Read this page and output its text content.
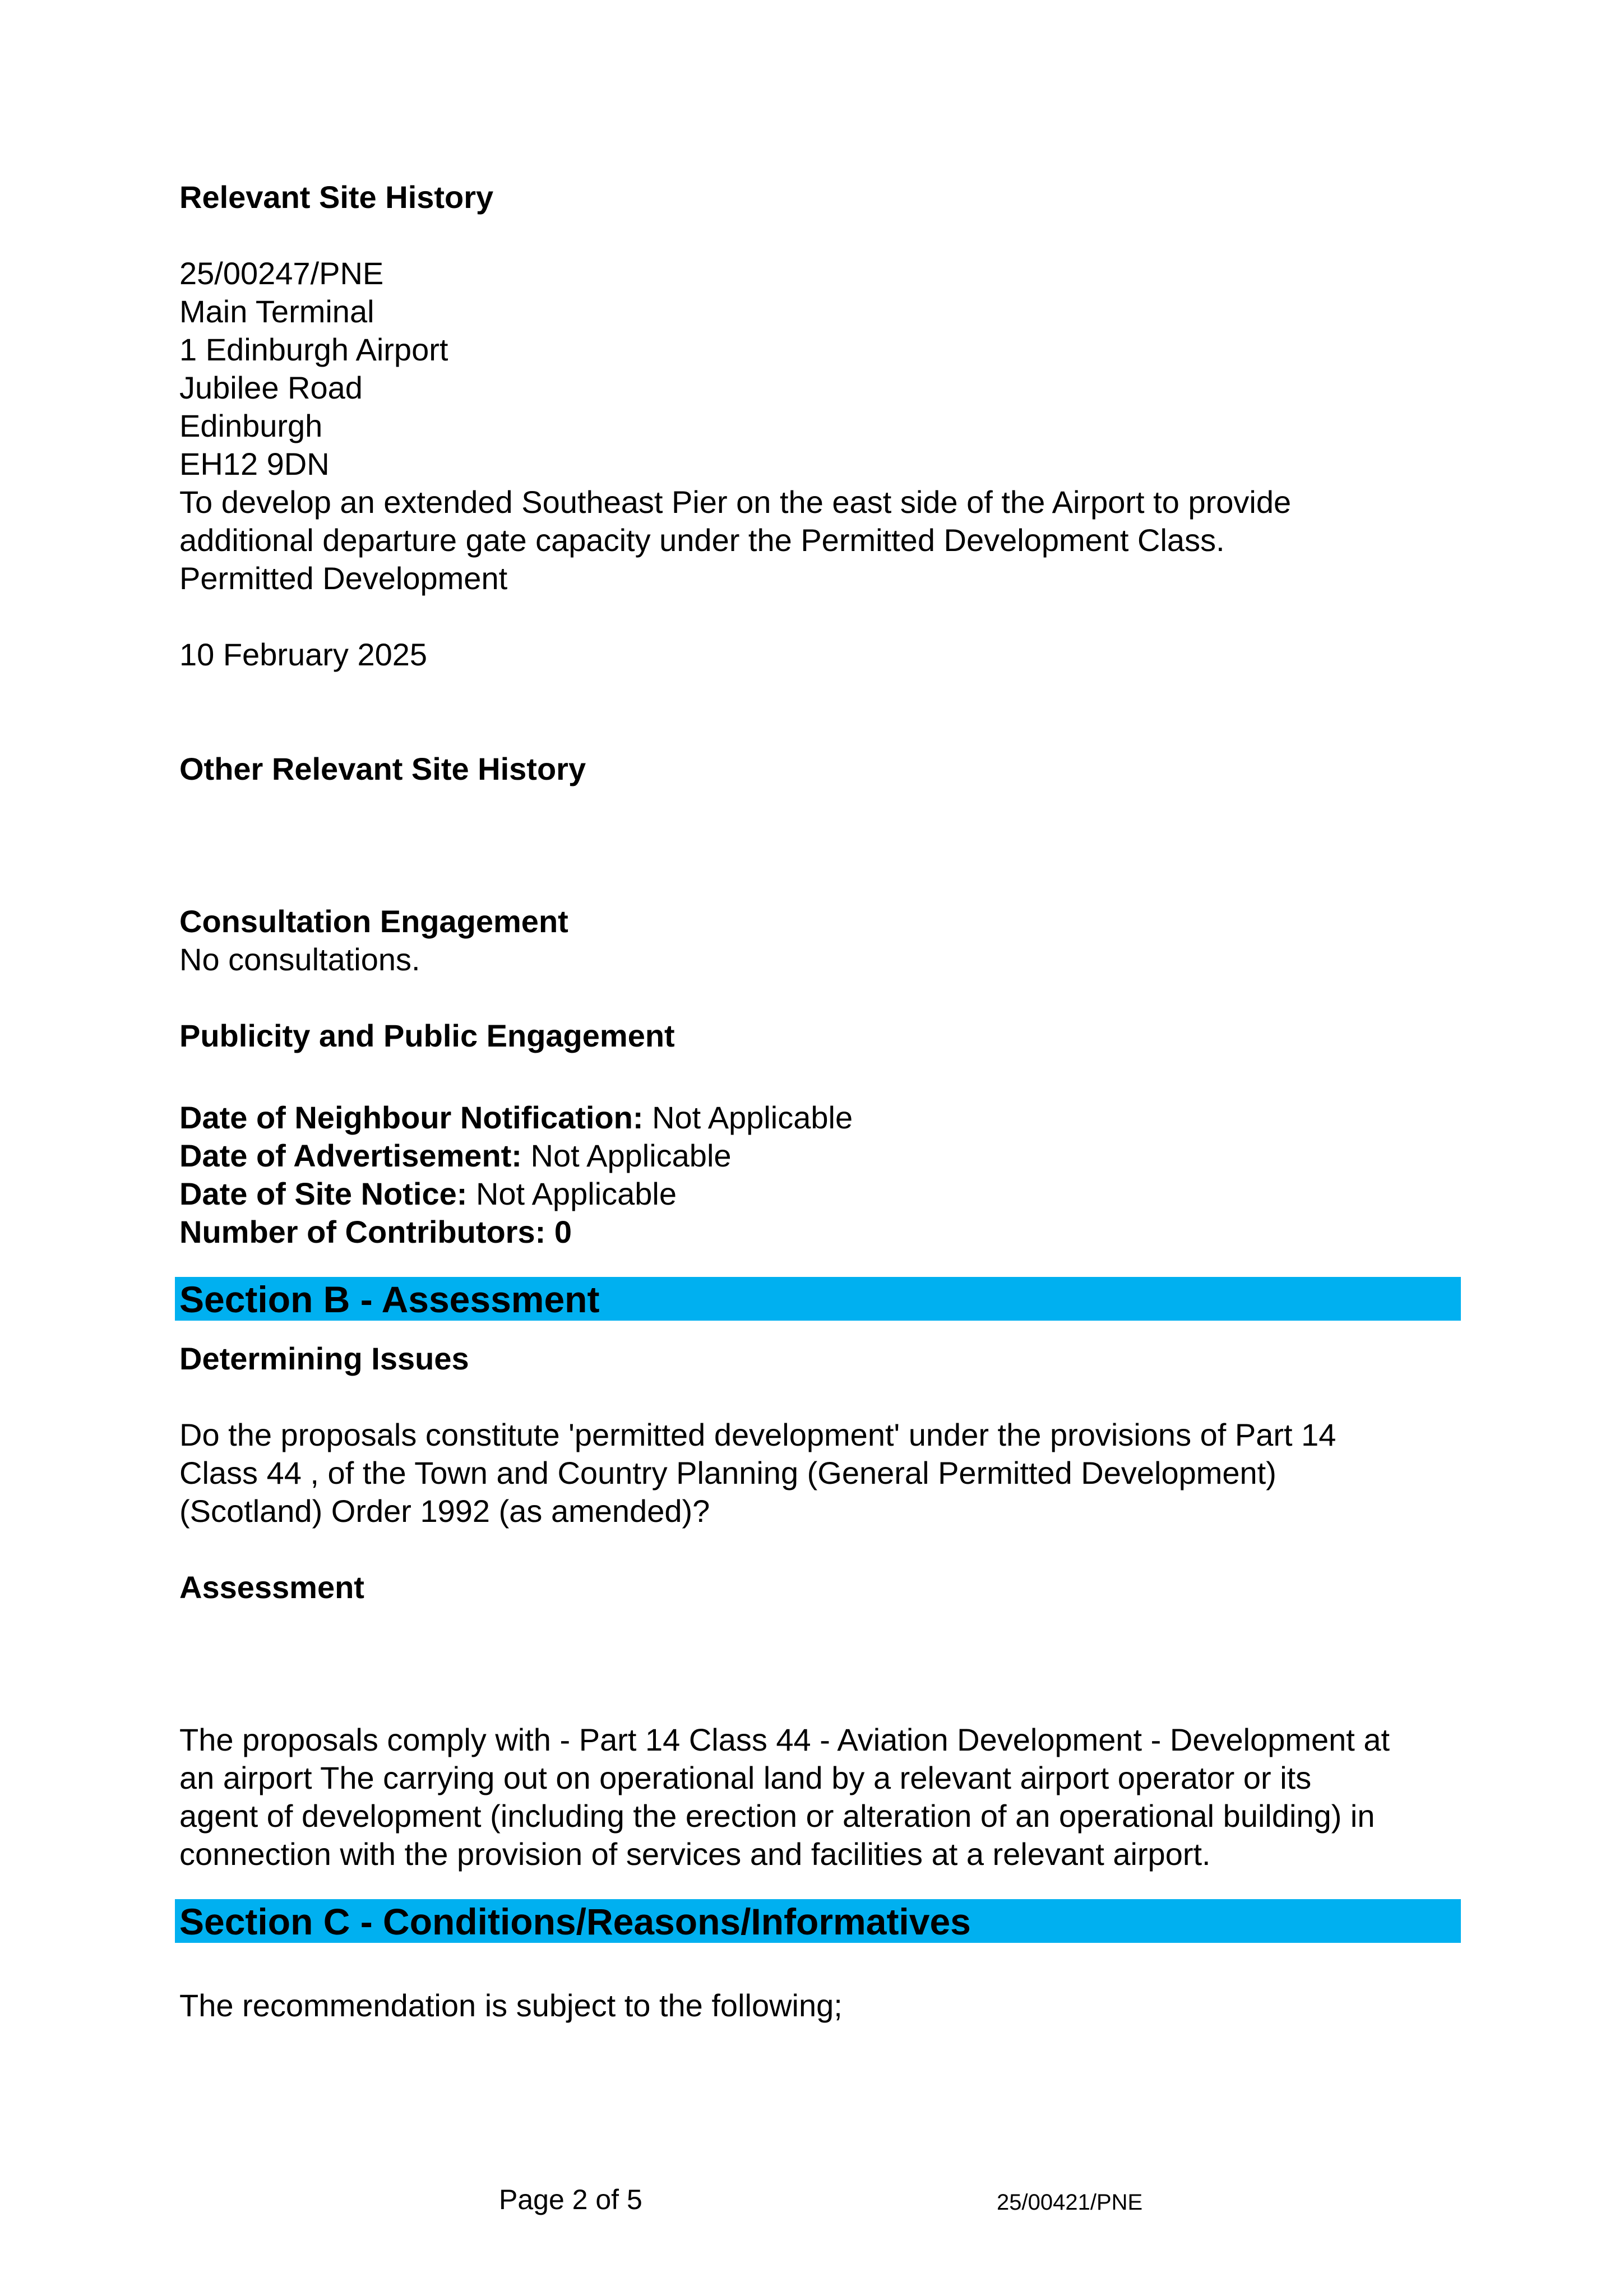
Relevant Site History

25/00247/PNE

Main Terminal

1 Edinburgh Airport

Jubilee Road

Edinburgh

EH12 9DN

To develop an extended Southeast Pier on the east side of the Airport to provide

additional departure gate capacity under the Permitted Development Class.

Permitted Development

10 February 2025

Other Relevant Site History

Consultation Engagement

No consultations.

Publicity and Public Engagement

Date of Neighbour Notification: Not Applicable

Date of Advertisement: Not Applicable

Date of Site Notice: Not Applicable

Number of Contributors: 0

Section B - Assessment

Determining Issues

Do the proposals constitute 'permitted development' under the provisions of Part 14

Class 44 , of the Town and Country Planning (General Permitted Development)

(Scotland) Order 1992 (as amended)?

Assessment

The proposals comply with - Part 14 Class 44 - Aviation Development - Development at

an airport The carrying out on operational land by a relevant airport operator or its

agent of development (including the erection or alteration of an operational building) in

connection with the provision of services and facilities at a relevant airport.

Section C - Conditions/Reasons/Informatives

The recommendation is subject to the following;

Page 2 of 5	25/00421/PNE
